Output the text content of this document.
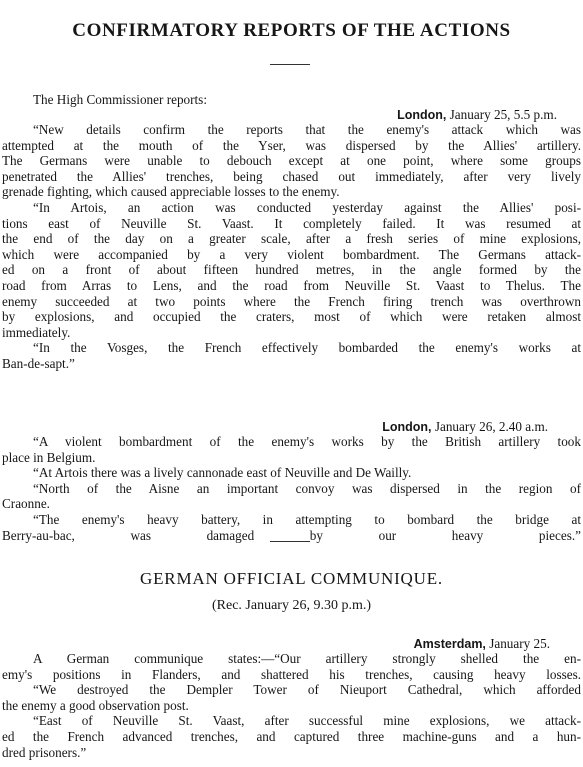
CONFIRMATORY REPORTS OF THE ACTIONS
The High Commissioner reports:
London, January 25, 5.5 p.m.
“New details confirm the reports that the enemy's attack which was
attempted at the mouth of the Yser, was dispersed by the Allies' artillery.
The Germans were unable to debouch except at one point, where some groups
penetrated the Allies' trenches, being chased out immediately, after very lively
grenade fighting, which caused appreciable losses to the enemy.
“In Artois, an action was conducted yesterday against the Allies' posi-
tions east of Neuville St. Vaast. It completely failed. It was resumed at
the end of the day on a greater scale, after a fresh series of mine explosions,
which were accompanied by a very violent bombardment. The Germans attack-
ed on a front of about fifteen hundred metres, in the angle formed by the
road from Arras to Lens, and the road from Neuville St. Vaast to Thelus. The
enemy succeeded at two points where the French firing trench was overthrown
by explosions, and occupied the craters, most of which were retaken almost
immediately.
“In the Vosges, the French effectively bombarded the enemy's works at
Ban-de-sapt.”
London, January 26, 2.40 a.m.
“A violent bombardment of the enemy's works by the British artillery took
place in Belgium.
“At Artois there was a lively cannonade east of Neuville and De Wailly.
“North of the Aisne an important convoy was dispersed in the region of
Craonne.
“The enemy's heavy battery, in attempting to bombard the bridge at
Berry-au-bac, was damaged by our heavy pieces.”
GERMAN OFFICIAL COMMUNIQUE.
(Rec. January 26, 9.30 p.m.)
Amsterdam, January 25.
A German communique states:—“Our artillery strongly shelled the en-
emy's positions in Flanders, and shattered his trenches, causing heavy losses.
“We destroyed the Dempler Tower of Nieuport Cathedral, which afforded
the enemy a good observation post.
“East of Neuville St. Vaast, after successful mine explosions, we attack-
ed the French advanced trenches, and captured three machine-guns and a hun-
dred prisoners.”
